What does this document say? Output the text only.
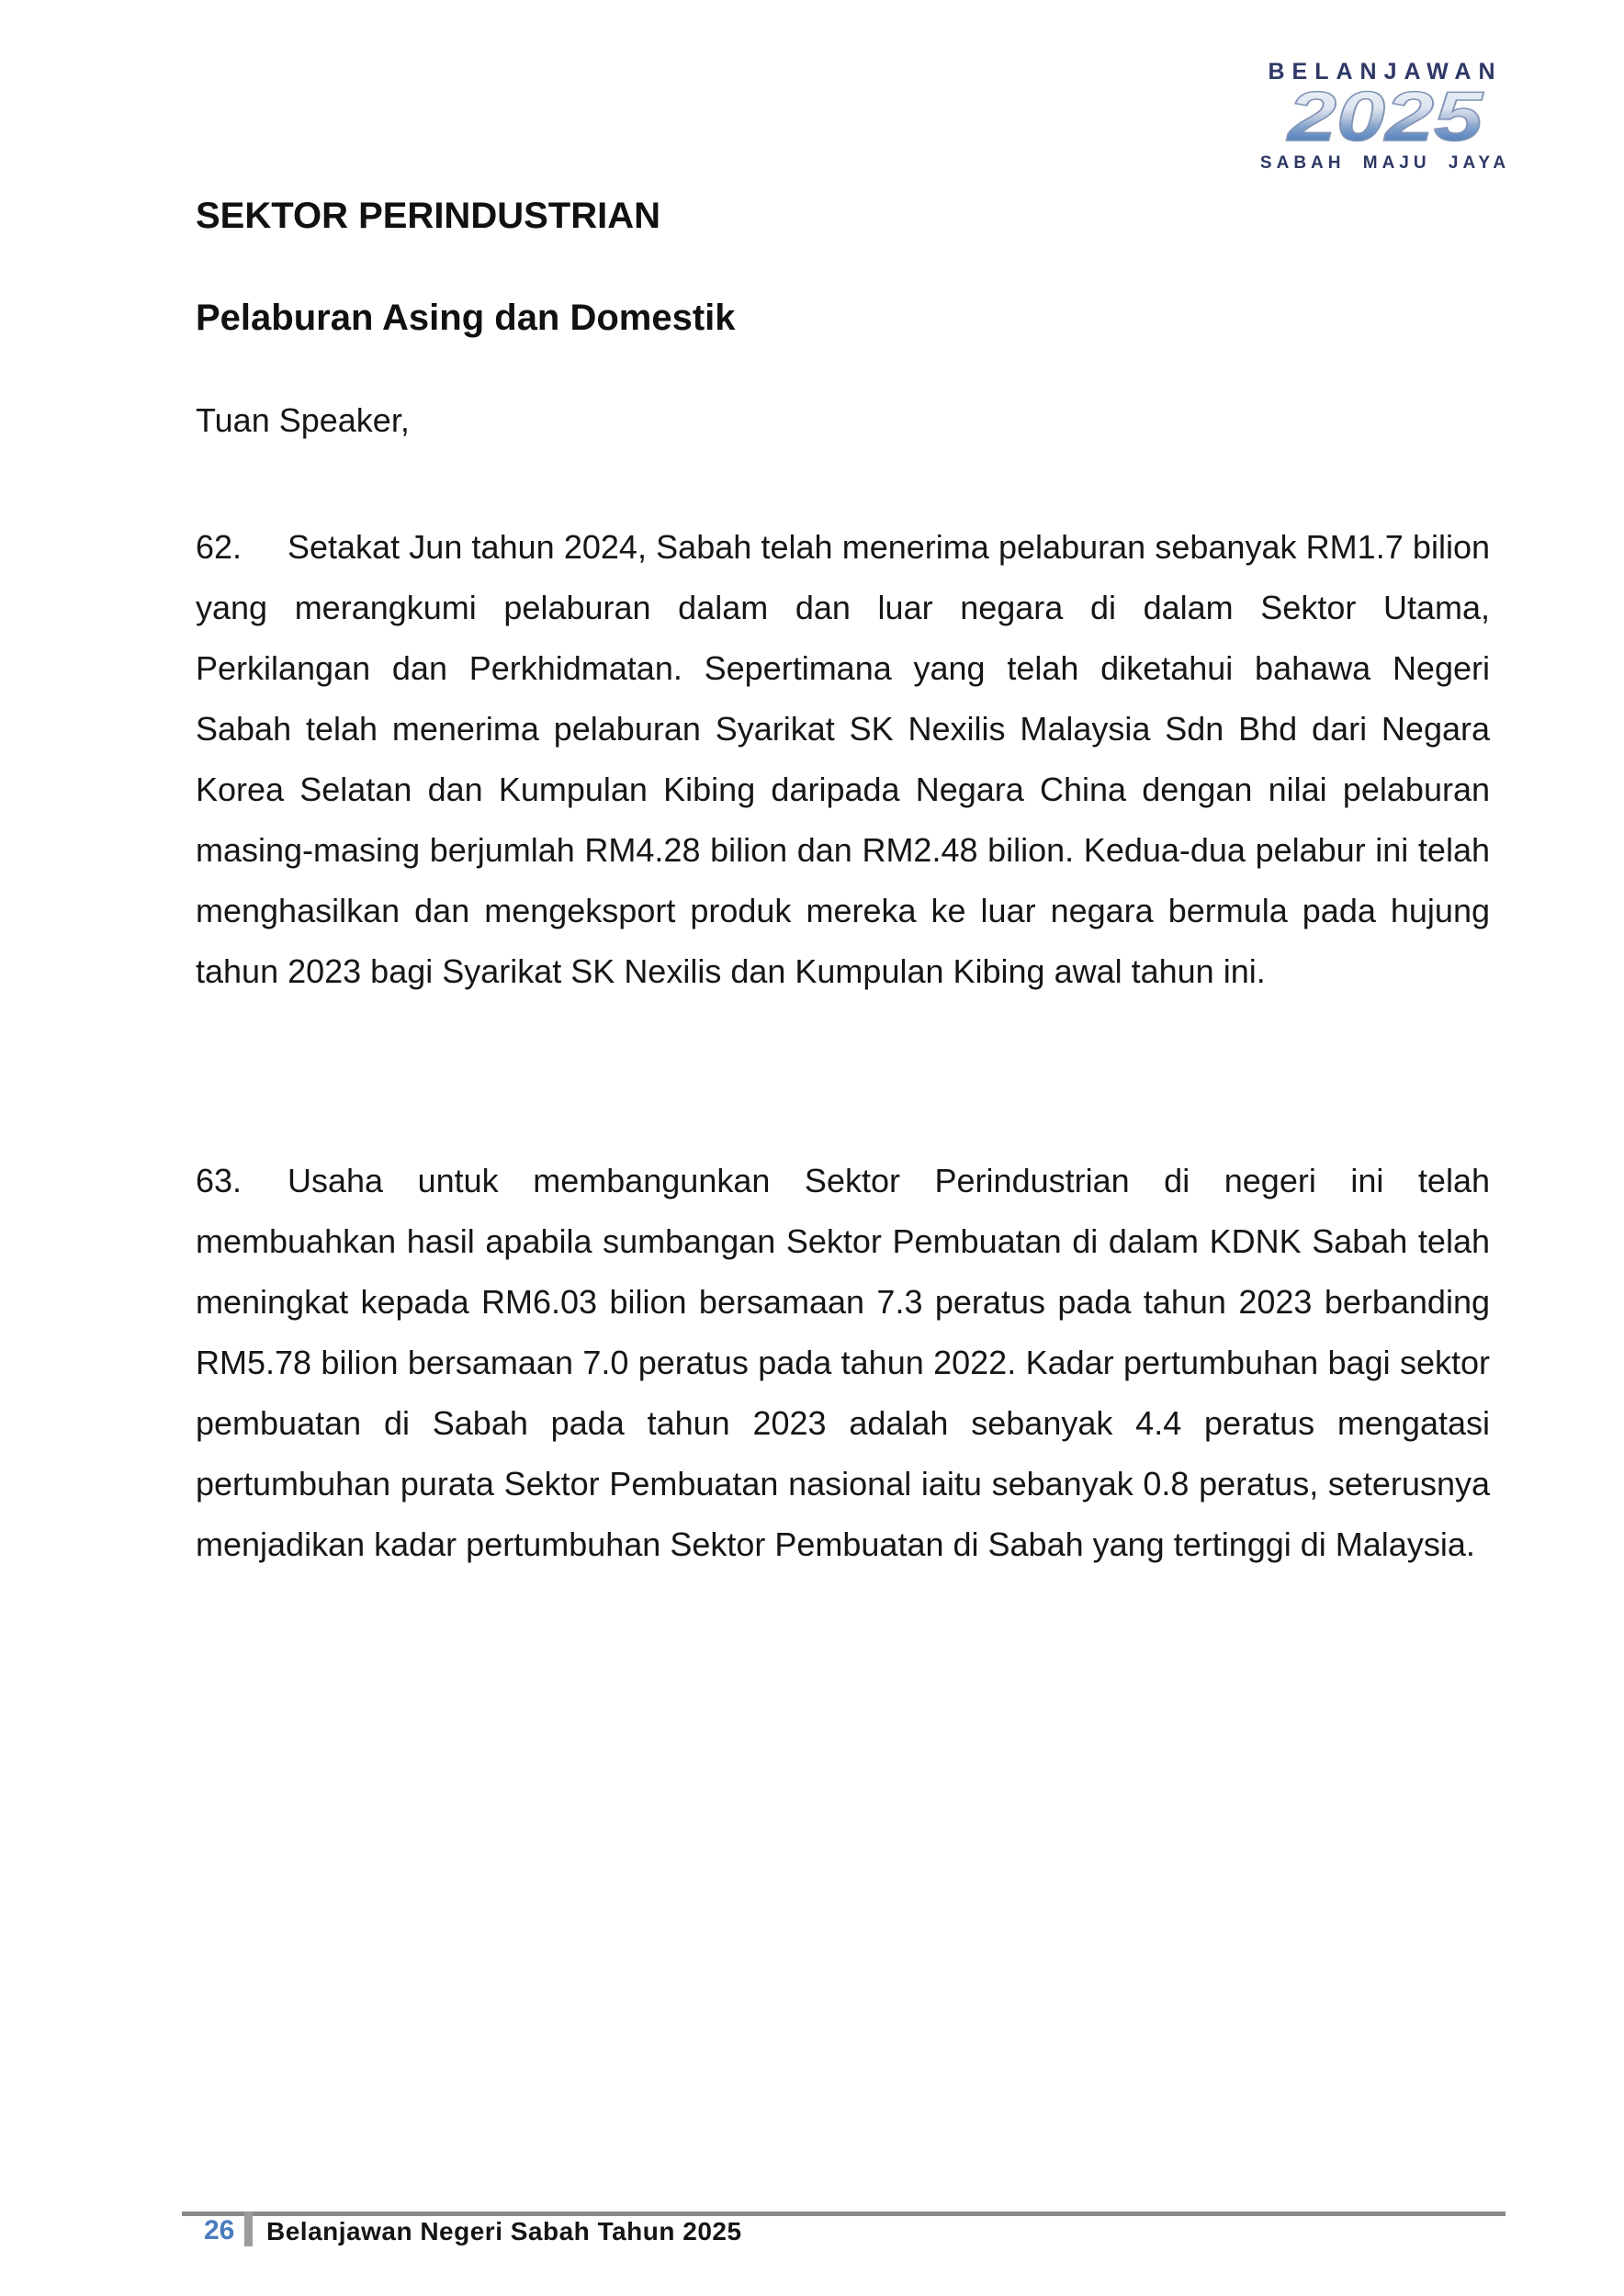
BELANJAWAN
2025
SABAH MAJU JAYA
SEKTOR PERINDUSTRIAN
Pelaburan Asing dan Domestik

Tuan Speaker,

62. Setakat Jun tahun 2024, Sabah telah menerima pelaburan sebanyak RM1.7 bilion yang merangkumi pelaburan dalam dan luar negara di dalam Sektor Utama, Perkilangan dan Perkhidmatan. Sepertimana yang telah diketahui bahawa Negeri Sabah telah menerima pelaburan Syarikat SK Nexilis Malaysia Sdn Bhd dari Negara Korea Selatan dan Kumpulan Kibing daripada Negara China dengan nilai pelaburan masing-masing berjumlah RM4.28 bilion dan RM2.48 bilion. Kedua-dua pelabur ini telah menghasilkan dan mengeksport produk mereka ke luar negara bermula pada hujung tahun 2023 bagi Syarikat SK Nexilis dan Kumpulan Kibing awal tahun ini.

63. Usaha untuk membangunkan Sektor Perindustrian di negeri ini telah membuahkan hasil apabila sumbangan Sektor Pembuatan di dalam KDNK Sabah telah meningkat kepada RM6.03 bilion bersamaan 7.3 peratus pada tahun 2023 berbanding RM5.78 bilion bersamaan 7.0 peratus pada tahun 2022. Kadar pertumbuhan bagi sektor pembuatan di Sabah pada tahun 2023 adalah sebanyak 4.4 peratus mengatasi pertumbuhan purata Sektor Pembuatan nasional iaitu sebanyak 0.8 peratus, seterusnya menjadikan kadar pertumbuhan Sektor Pembuatan di Sabah yang tertinggi di Malaysia.

26 Belanjawan Negeri Sabah Tahun 2025
